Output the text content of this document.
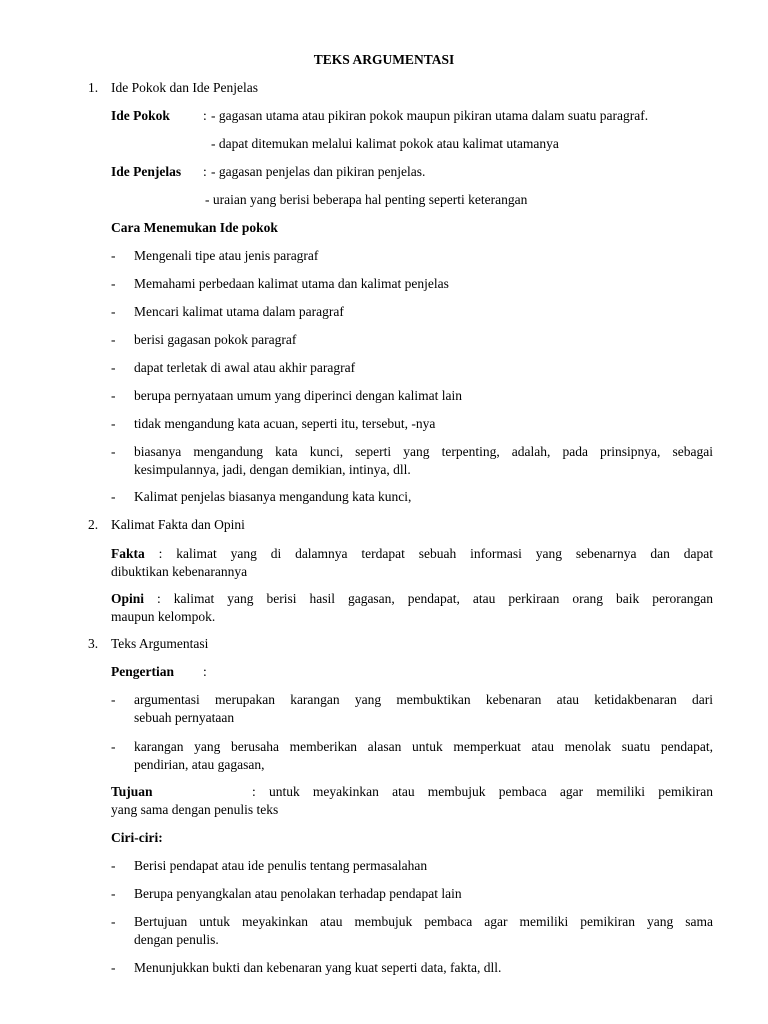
TEKS ARGUMENTASI
1. Ide Pokok dan Ide Penjelas
Ide Pokok : - gagasan utama atau pikiran pokok maupun pikiran utama dalam suatu paragraf.
- dapat ditemukan melalui kalimat pokok atau kalimat utamanya
Ide Penjelas : - gagasan penjelas dan pikiran penjelas.
- uraian yang berisi beberapa hal penting seperti keterangan
Cara Menemukan Ide pokok
- Mengenali tipe atau jenis paragraf
- Memahami perbedaan kalimat utama dan kalimat penjelas
- Mencari kalimat utama dalam paragraf
- berisi gagasan pokok paragraf
- dapat terletak di awal atau akhir paragraf
- berupa pernyataan umum yang diperinci dengan kalimat lain
- tidak mengandung kata acuan, seperti itu, tersebut, -nya
- biasanya mengandung kata kunci, seperti yang terpenting, adalah, pada prinsipnya, sebagai
kesimpulannya, jadi, dengan demikian, intinya, dll.
- Kalimat penjelas biasanya mengandung kata kunci,
2. Kalimat Fakta dan Opini
Fakta : kalimat yang di dalamnya terdapat sebuah informasi yang sebenarnya dan dapat
dibuktikan kebenarannya
Opini : kalimat yang berisi hasil gagasan, pendapat, atau perkiraan orang baik perorangan
maupun kelompok.
3. Teks Argumentasi
Pengertian :
- argumentasi merupakan karangan yang membuktikan kebenaran atau ketidakbenaran dari
sebuah pernyataan
- karangan yang berusaha memberikan alasan untuk memperkuat atau menolak suatu pendapat,
pendirian, atau gagasan,
Tujuan	: untuk meyakinkan atau membujuk pembaca agar memiliki pemikiran
yang sama dengan penulis teks
Ciri-ciri:
- Berisi pendapat atau ide penulis tentang permasalahan
- Berupa penyangkalan atau penolakan terhadap pendapat lain
- Bertujuan untuk meyakinkan atau membujuk pembaca agar memiliki pemikiran yang sama
dengan penulis.
- Menunjukkan bukti dan kebenaran yang kuat seperti data, fakta, dll.
